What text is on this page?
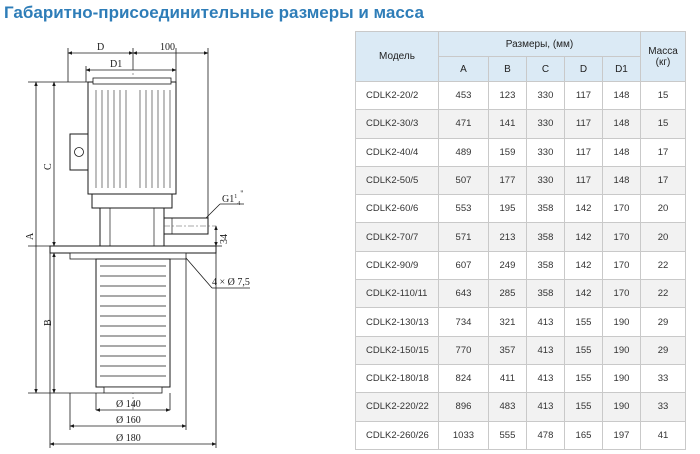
Габаритно-присоединительные размеры и масса
D	100
D1
C
A
B
$G1^1_4^"$
34
4 × Ø 7,5
Ø 140
Ø 160
Ø 180
Модель	Размеры, (мм)					Масса (кг)
	A	B	C	D	D1	
CDLK2-20/2	453	123	330	117	148	15
CDLK2-30/3	471	141	330	117	148	15
CDLK2-40/4	489	159	330	117	148	17
CDLK2-50/5	507	177	330	117	148	17
CDLK2-60/6	553	195	358	142	170	20
CDLK2-70/7	571	213	358	142	170	20
CDLK2-90/9	607	249	358	142	170	22
CDLK2-110/11	643	285	358	142	170	22
CDLK2-130/13	734	321	413	155	190	29
CDLK2-150/15	770	357	413	155	190	29
CDLK2-180/18	824	411	413	155	190	33
CDLK2-220/22	896	483	413	155	190	33
CDLK2-260/26	1033	555	478	165	197	41
